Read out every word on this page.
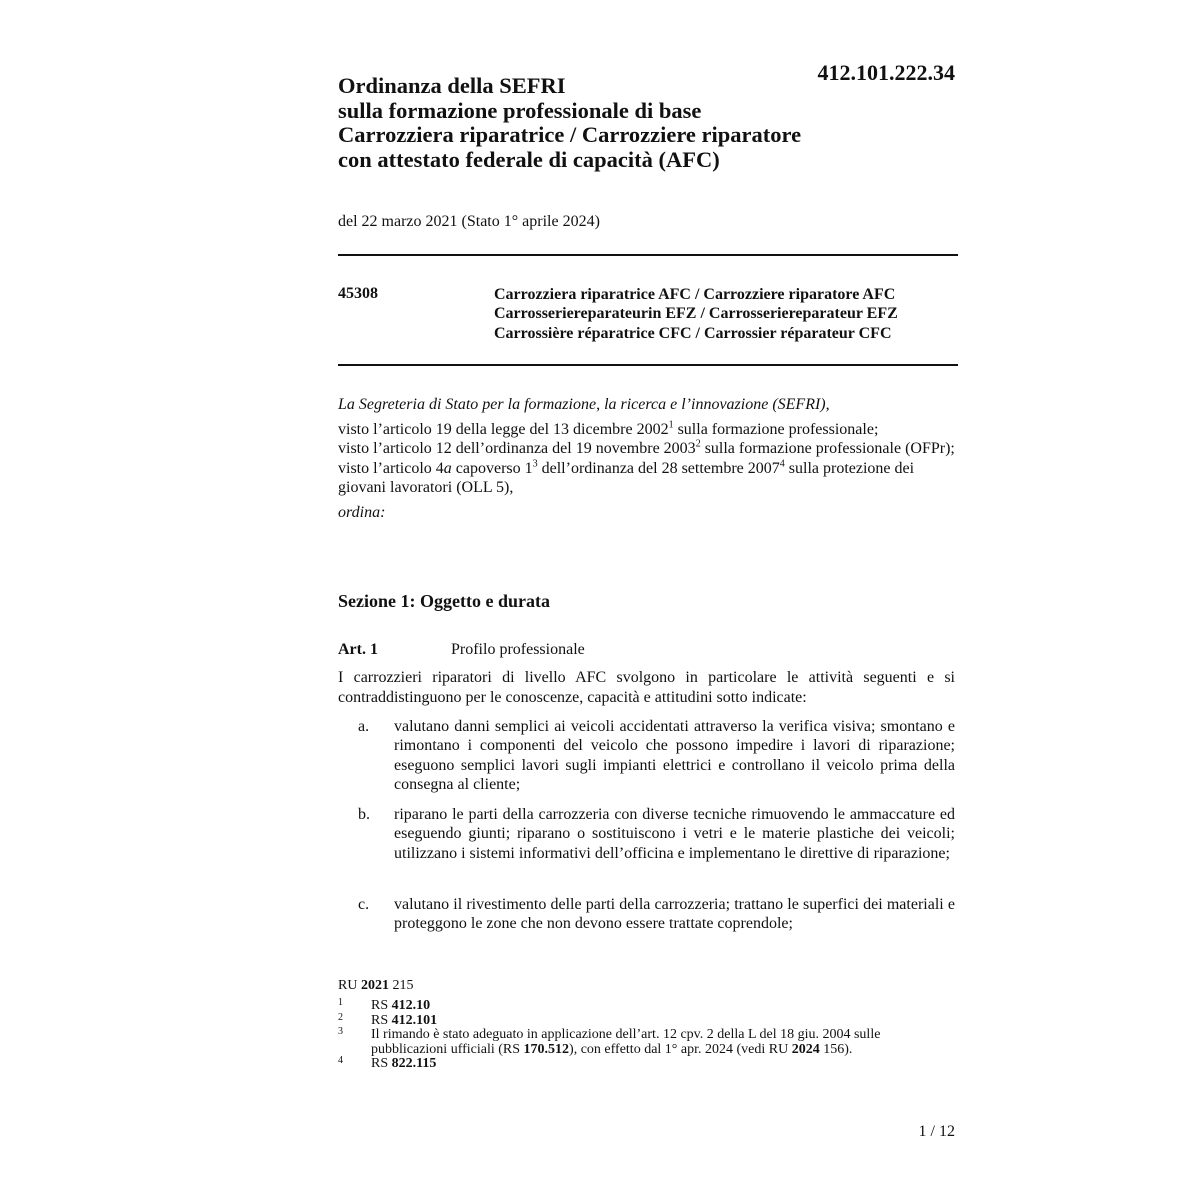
412.101.222.34
Ordinanza della SEFRI
sulla formazione professionale di base
Carrozziera riparatrice / Carrozziere riparatore
con attestato federale di capacità (AFC)
del 22 marzo 2021 (Stato 1° aprile 2024)
45308	Carrozziera riparatrice AFC / Carrozziere riparatore AFC
Carrosseriereparateurin EFZ / Carrosseriereparateur EFZ
Carrossière réparatrice CFC / Carrossier réparateur CFC
La Segreteria di Stato per la formazione, la ricerca e l’innovazione (SEFRI),
visto l’articolo 19 della legge del 13 dicembre 2002$^1$ sulla formazione professionale;
visto l’articolo 12 dell’ordinanza del 19 novembre 2003$^2$ sulla formazione professionale (OFPr);
visto l’articolo 4a capoverso $1^3$ dell’ordinanza del 28 settembre 2007$^4$ sulla protezione dei giovani lavoratori (OLL 5),
ordina:
Sezione 1: Oggetto e durata
Art. 1	Profilo professionale
I carrozzieri riparatori di livello AFC svolgono in particolare le attività seguenti e si contraddistinguono per le conoscenze, capacità e attitudini sotto indicate:
a. valutano danni semplici ai veicoli accidentati attraverso la verifica visiva; smontano e rimontano i componenti del veicolo che possono impedire i lavori di riparazione; eseguono semplici lavori sugli impianti elettrici e controllano il veicolo prima della consegna al cliente;
b. riparano le parti della carrozzeria con diverse tecniche rimuovendo le ammaccature ed eseguendo giunti; riparano o sostituiscono i vetri e le materie plastiche dei veicoli; utilizzano i sistemi informativi dell’officina e implementano le direttive di riparazione;
c. valutano il rivestimento delle parti della carrozzeria; trattano le superfici dei materiali e proteggono le zone che non devono essere trattate coprendole;
RU 2021 215
1 RS 412.10
2 RS 412.101
3 Il rimando è stato adeguato in applicazione dell’art. 12 cpv. 2 della L del 18 giu. 2004 sulle pubblicazioni ufficiali (RS 170.512), con effetto dal 1° apr. 2024 (vedi RU 2024 156).
4 RS 822.115
1 / 12
